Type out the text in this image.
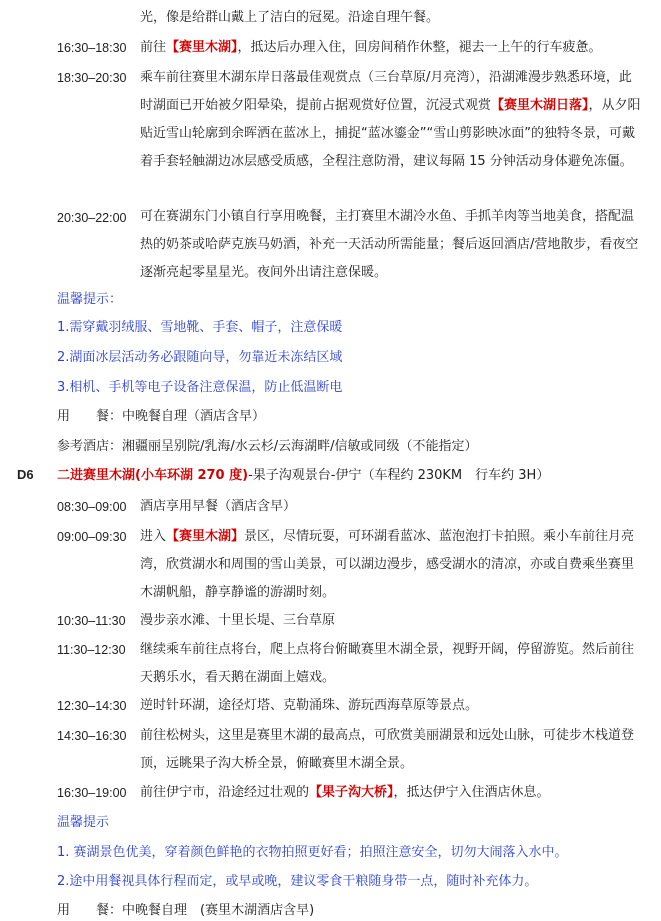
光，像是给群山戴上了洁白的冠冕。沿途自理午餐。
16:30–18:30 前往【赛里木湖】，抵达后办理入住，回房间稍作休整，褪去一上午的行车疲惫。
18:30–20:30 乘车前往赛里木湖东岸日落最佳观赏点（三台草原/月亮湾），沿湖滩漫步熟悉环境，此时湖面已开始被夕阳晕染，提前占据观赏好位置，沉浸式观赏【赛里木湖日落】，从夕阳贴近雪山轮廓到余晖洒在蓝冰上，捕捉“蓝冰鎏金”“雪山剪影映冰面”的独特冬景，可戴着手套轻触湖边冰层感受质感，全程注意防滑，建议每隔 15 分钟活动身体避免冻僵。
20:30–22:00 可在赛湖东门小镇自行享用晚餐，主打赛里木湖冷水鱼、手抓羊肉等当地美食，搭配温热的奶茶或哈萨克族马奶酒，补充一天活动所需能量；餐后返回酒店/营地散步，看夜空逐渐亮起零星星光。夜间外出请注意保暖。
温馨提示：
1.需穿戴羽绒服、雪地靴、手套、帽子，注意保暖
2.湖面冰层活动务必跟随向导，勿靠近未冻结区域
3.相机、手机等电子设备注意保温，防止低温断电
用　　餐：中晚餐自理（酒店含早）
参考酒店：湘疆丽呈别院/乳海/水云杉/云海湖畔/信敏或同级（不能指定）
D6 二进赛里木湖(小车环湖 270 度)-果子沟观景台-伊宁（车程约 230KM　行车约 3H）
08:30–09:00 酒店享用早餐（酒店含早）
09:00–09:30 进入【赛里木湖】景区，尽情玩耍，可环湖看蓝冰、蓝泡泡打卡拍照。乘小车前往月亮湾，欣赏湖水和周围的雪山美景，可以湖边漫步，感受湖水的清凉，亦或自费乘坐赛里木湖帆船，静享静谧的游湖时刻。
10:30–11:30 漫步亲水滩、十里长堤、三台草原
11:30–12:30 继续乘车前往点将台，爬上点将台俯瞰赛里木湖全景，视野开阔，停留游览。然后前往天鹅乐水，看天鹅在湖面上嬉戏。
12:30–14:30 逆时针环湖，途径灯塔、克勒涌珠、游玩西海草原等景点。
14:30–16:30 前往松树头，这里是赛里木湖的最高点，可欣赏美丽湖景和远处山脉，可徒步木栈道登顶，远眺果子沟大桥全景，俯瞰赛里木湖全景。
16:30–19:00 前往伊宁市，沿途经过壮观的【果子沟大桥】，抵达伊宁入住酒店休息。
温馨提示
1. 赛湖景色优美，穿着颜色鲜艳的衣物拍照更好看；拍照注意安全，切勿大闹落入水中。
2.途中用餐视具体行程而定，或早或晚，建议零食干粮随身带一点，随时补充体力。
用　　餐：中晚餐自理　(赛里木湖酒店含早)
